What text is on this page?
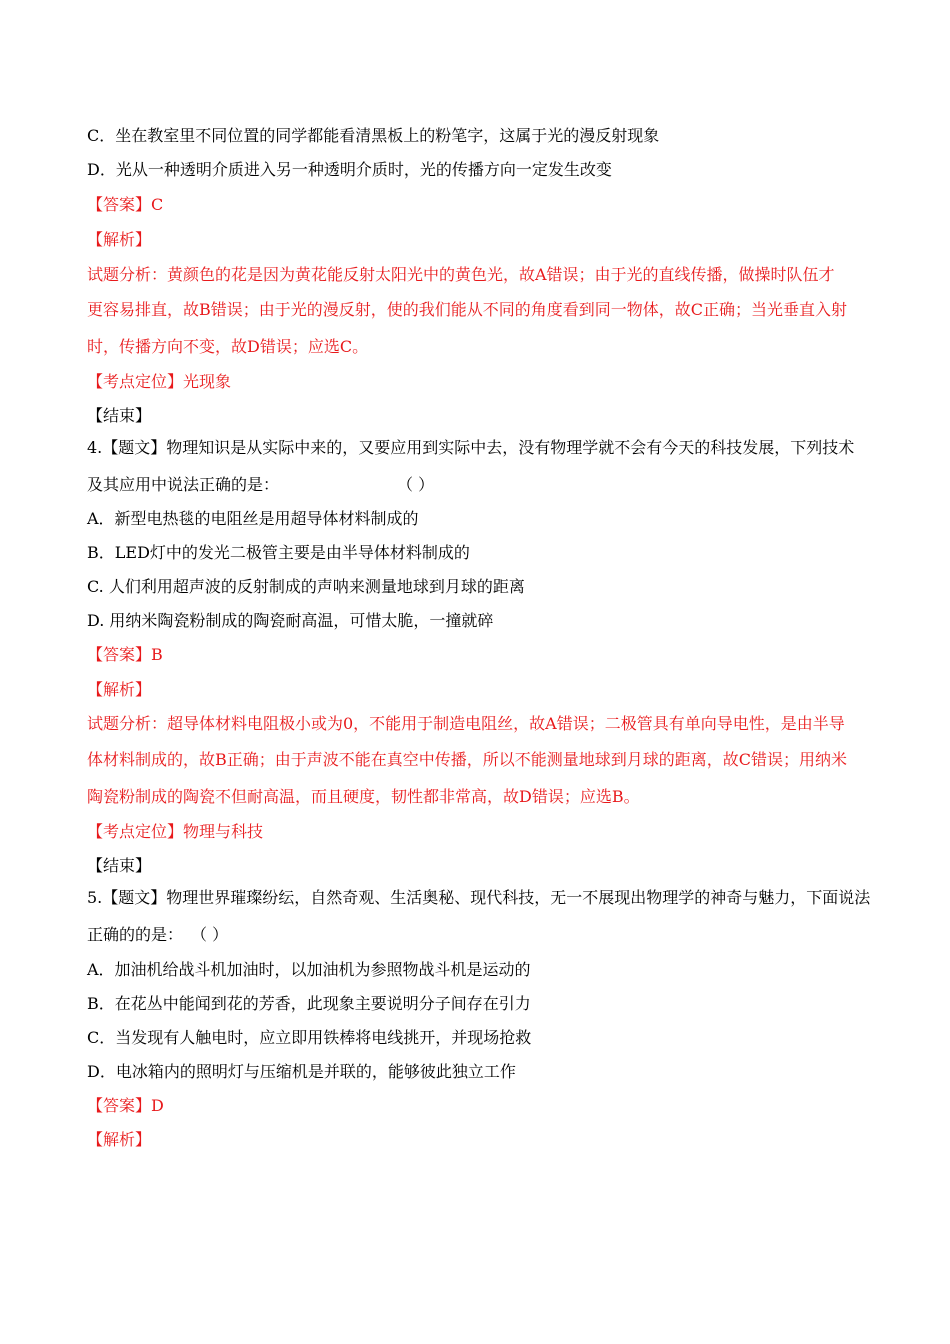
C．坐在教室里不同位置的同学都能看清黑板上的粉笔字，这属于光的漫反射现象
D．光从一种透明介质进入另一种透明介质时，光的传播方向一定发生改变
【答案】C
【解析】
试题分析：黄颜色的花是因为黄花能反射太阳光中的黄色光，故A错误；由于光的直线传播，做操时队伍才
更容易排直，故B错误；由于光的漫反射，使的我们能从不同的角度看到同一物体，故C正确；当光垂直入射
时，传播方向不变，故D错误；应选C。
【考点定位】光现象
【结束】
4.【题文】物理知识是从实际中来的，又要应用到实际中去，没有物理学就不会有今天的科技发展，下列技术
及其应用中说法正确的是：	（ ）
A．新型电热毯的电阻丝是用超导体材料制成的
B．LED灯中的发光二极管主要是由半导体材料制成的
C. 人们利用超声波的反射制成的声呐来测量地球到月球的距离
D. 用纳米陶瓷粉制成的陶瓷耐高温，可惜太脆，一撞就碎
【答案】B
【解析】
试题分析：超导体材料电阻极小或为0，不能用于制造电阻丝，故A错误；二极管具有单向导电性，是由半导
体材料制成的，故B正确；由于声波不能在真空中传播，所以不能测量地球到月球的距离，故C错误；用纳米
陶瓷粉制成的陶瓷不但耐高温，而且硬度，韧性都非常高，故D错误；应选B。
【考点定位】物理与科技
【结束】
5.【题文】物理世界璀璨纷纭，自然奇观、生活奥秘、现代科技，无一不展现出物理学的神奇与魅力，下面说法
正确的的是： （ ）
A．加油机给战斗机加油时，以加油机为参照物战斗机是运动的
B．在花丛中能闻到花的芳香，此现象主要说明分子间存在引力
C．当发现有人触电时，应立即用铁棒将电线挑开，并现场抢救
D．电冰箱内的照明灯与压缩机是并联的，能够彼此独立工作
【答案】D
【解析】
